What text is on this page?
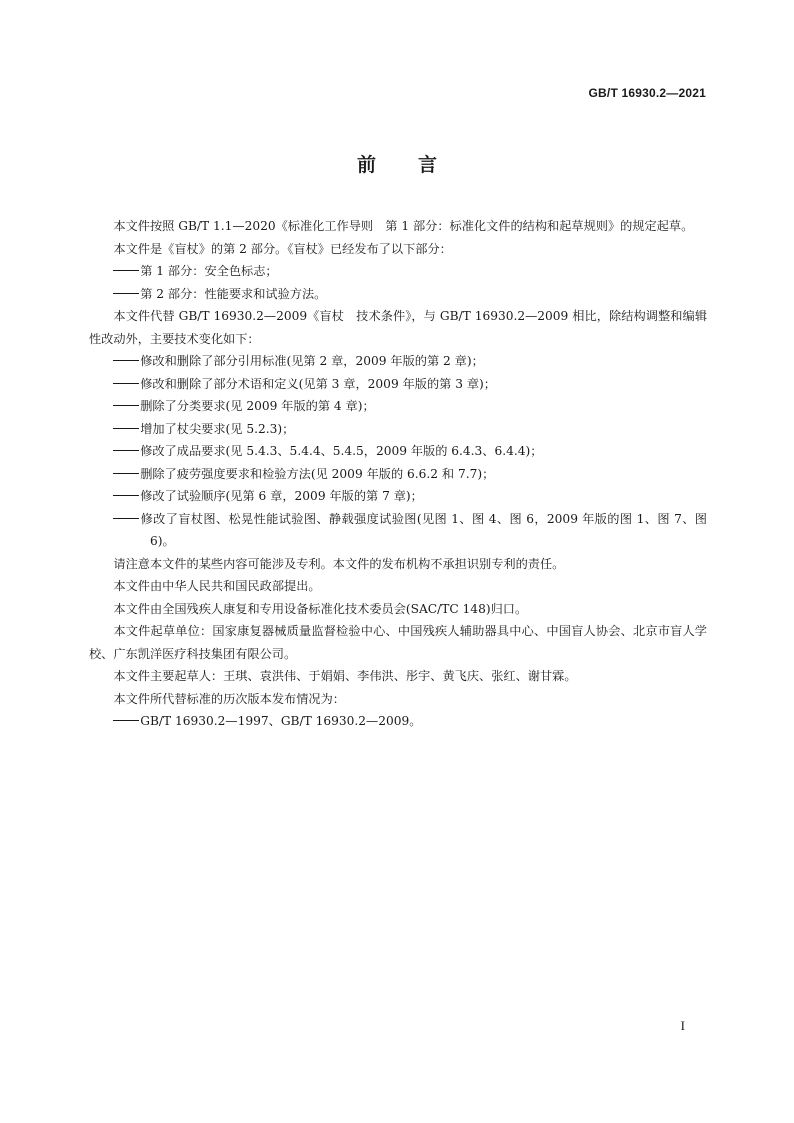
GB/T 16930.2—2021
前 言

本文件按照 GB/T 1.1—2020《标准化工作导则　第 1 部分：标准化文件的结构和起草规则》的规定起草。

本文件是《盲杖》的第 2 部分。《盲杖》已经发布了以下部分：

第 1 部分：安全色标志；

第 2 部分：性能要求和试验方法。

本文件代替 GB/T 16930.2—2009《盲杖　技术条件》，与 GB/T 16930.2—2009 相比，除结构调整和编辑性改动外，主要技术变化如下：

修改和删除了部分引用标准(见第 2 章，2009 年版的第 2 章)；

修改和删除了部分术语和定义(见第 3 章，2009 年版的第 3 章)；

删除了分类要求(见 2009 年版的第 4 章)；

增加了杖尖要求(见 5.2.3)；

修改了成品要求(见 5.4.3、5.4.4、5.4.5，2009 年版的 6.4.3、6.4.4)；

删除了疲劳强度要求和检验方法(见 2009 年版的 6.6.2 和 7.7)；

修改了试验顺序(见第 6 章，2009 年版的第 7 章)；

修改了盲杖图、松晃性能试验图、静载强度试验图(见图 1、图 4、图 6，2009 年版的图 1、图 7、图 6)。

请注意本文件的某些内容可能涉及专利。本文件的发布机构不承担识别专利的责任。

本文件由中华人民共和国民政部提出。

本文件由全国残疾人康复和专用设备标准化技术委员会(SAC/TC 148)归口。

本文件起草单位：国家康复器械质量监督检验中心、中国残疾人辅助器具中心、中国盲人协会、北京市盲人学校、广东凯洋医疗科技集团有限公司。

本文件主要起草人：王琪、袁洪伟、于娟娟、李伟洪、彤宇、黄飞庆、张红、谢甘霖。

本文件所代替标准的历次版本发布情况为：

GB/T 16930.2—1997、GB/T 16930.2—2009。

I
